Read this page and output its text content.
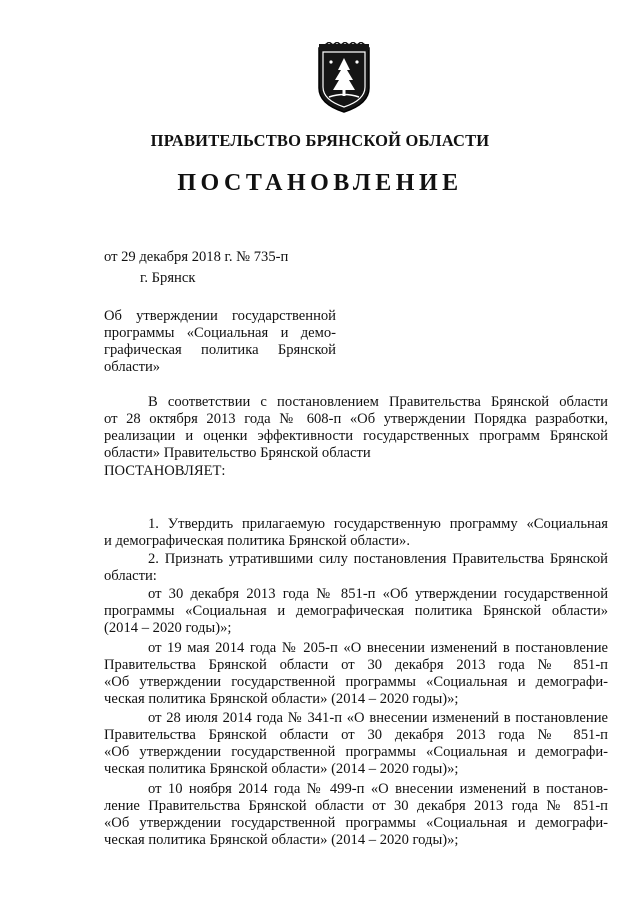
ПРАВИТЕЛЬСТВО БРЯНСКОЙ ОБЛАСТИ
ПОСТАНОВЛЕНИЕ
от 29 декабря 2018 г. № 735-п
г. Брянск
Об утверждении государственной
программы «Социальная и демо-
графическая политика Брянской
области»
В соответствии с постановлением Правительства Брянской области
от 28 октября 2013 года № 608-п «Об утверждении Порядка разработки,
реализации и оценки эффективности государственных программ Брянской
области» Правительство Брянской области
ПОСТАНОВЛЯЕТ:
1. Утвердить прилагаемую государственную программу «Социальная
и демографическая политика Брянской области».
2. Признать утратившими силу постановления Правительства Брянской
области:
от 30 декабря 2013 года № 851-п «Об утверждении государственной
программы «Социальная и демографическая политика Брянской области»
(2014 – 2020 годы)»;
от 19 мая 2014 года № 205-п «О внесении изменений в постановление
Правительства Брянской области от 30 декабря 2013 года № 851-п
«Об утверждении государственной программы «Социальная и демографи-
ческая политика Брянской области» (2014 – 2020 годы)»;
от 28 июля 2014 года № 341-п «О внесении изменений в постановление
Правительства Брянской области от 30 декабря 2013 года № 851-п
«Об утверждении государственной программы «Социальная и демографи-
ческая политика Брянской области» (2014 – 2020 годы)»;
от 10 ноября 2014 года № 499-п «О внесении изменений в постанов-
ление Правительства Брянской области от 30 декабря 2013 года № 851-п
«Об утверждении государственной программы «Социальная и демографи-
ческая политика Брянской области» (2014 – 2020 годы)»;
